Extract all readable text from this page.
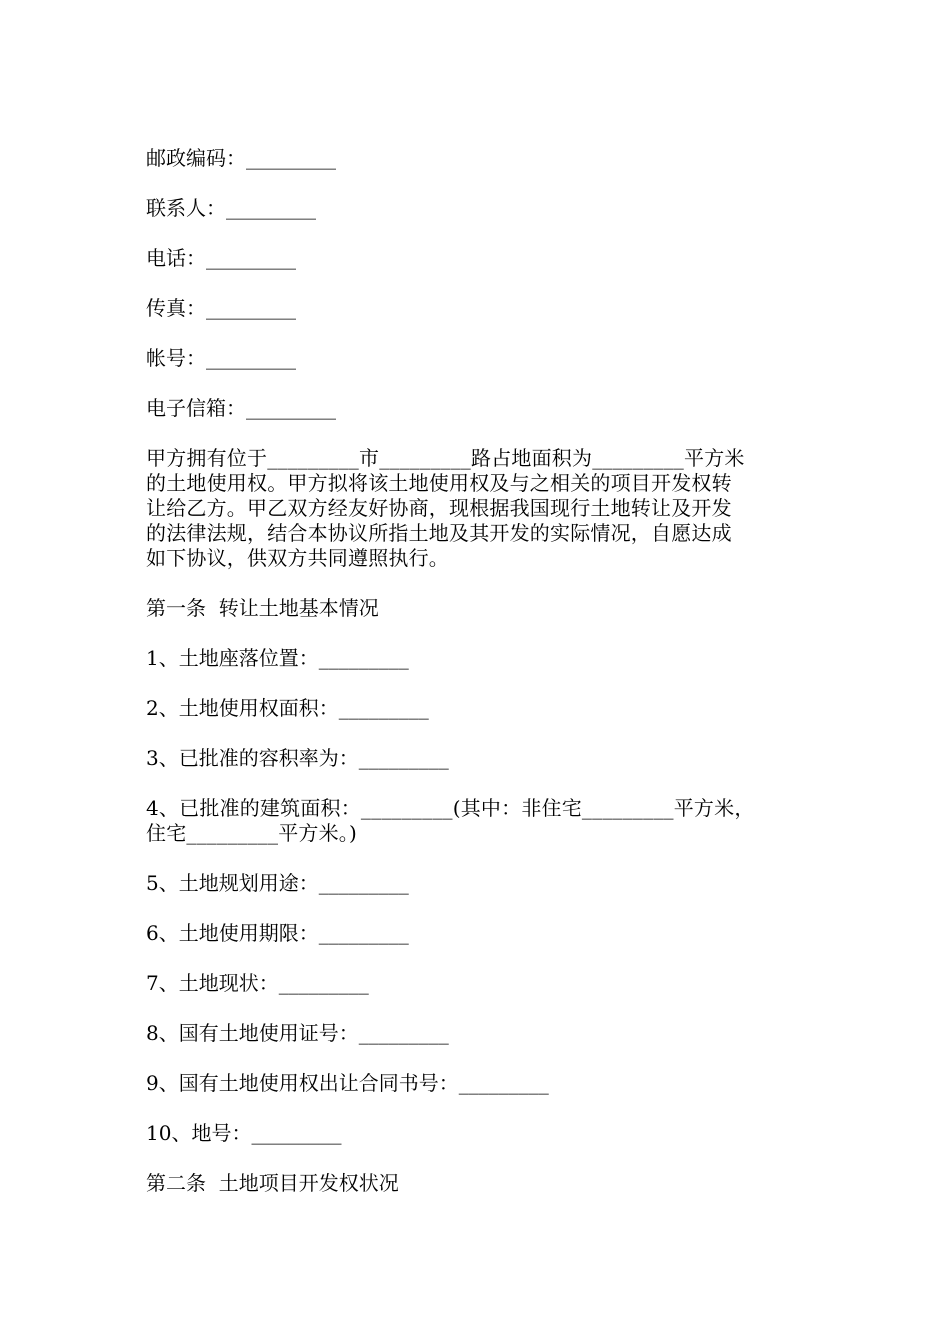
邮政编码：_________
联系人：_________
电话：_________
传真：_________
帐号：_________
电子信箱：_________
甲方拥有位于_________市_________路占地面积为_________平方米
的土地使用权。甲方拟将该土地使用权及与之相关的项目开发权转
让给乙方。甲乙双方经友好协商，现根据我国现行土地转让及开发
的法律法规，结合本协议所指土地及其开发的实际情况，自愿达成
如下协议，供双方共同遵照执行。
第一条  转让土地基本情况
1、土地座落位置：_________
2、土地使用权面积：_________
3、已批准的容积率为：_________
4、已批准的建筑面积：_________(其中：非住宅_________平方米，
住宅_________平方米。)
5、土地规划用途：_________
6、土地使用期限：_________
7、土地现状：_________
8、国有土地使用证号：_________
9、国有土地使用权出让合同书号：_________
10、地号：_________
第二条  土地项目开发权状况
